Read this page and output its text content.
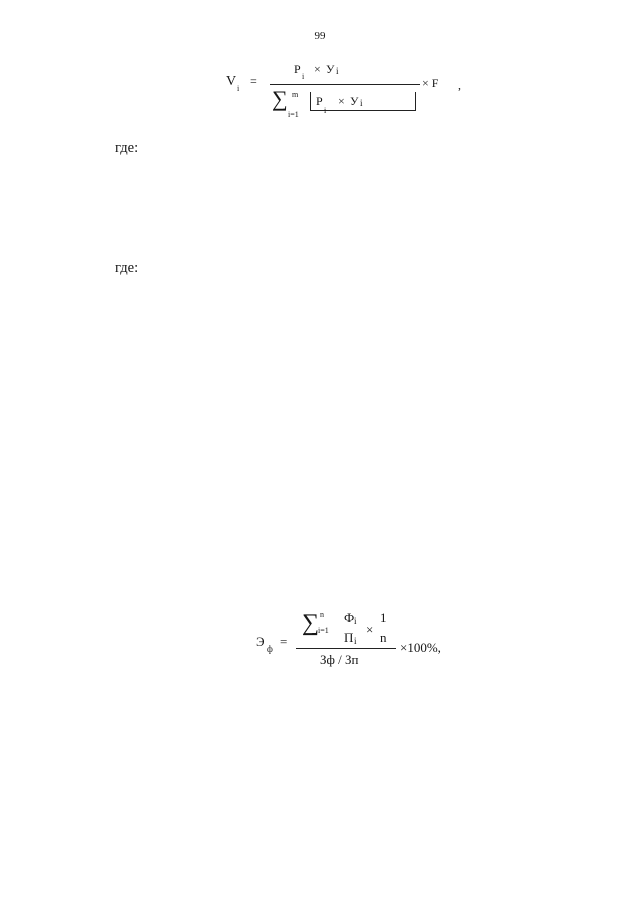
99
V i
=
P
i
× У i
∑ m
i=1
P
i
× У i
× F ,

где:

где:

Э ф =
∑ n
i=1
Ф i
П i
×
1
n
Зф / Зп
×100%,
